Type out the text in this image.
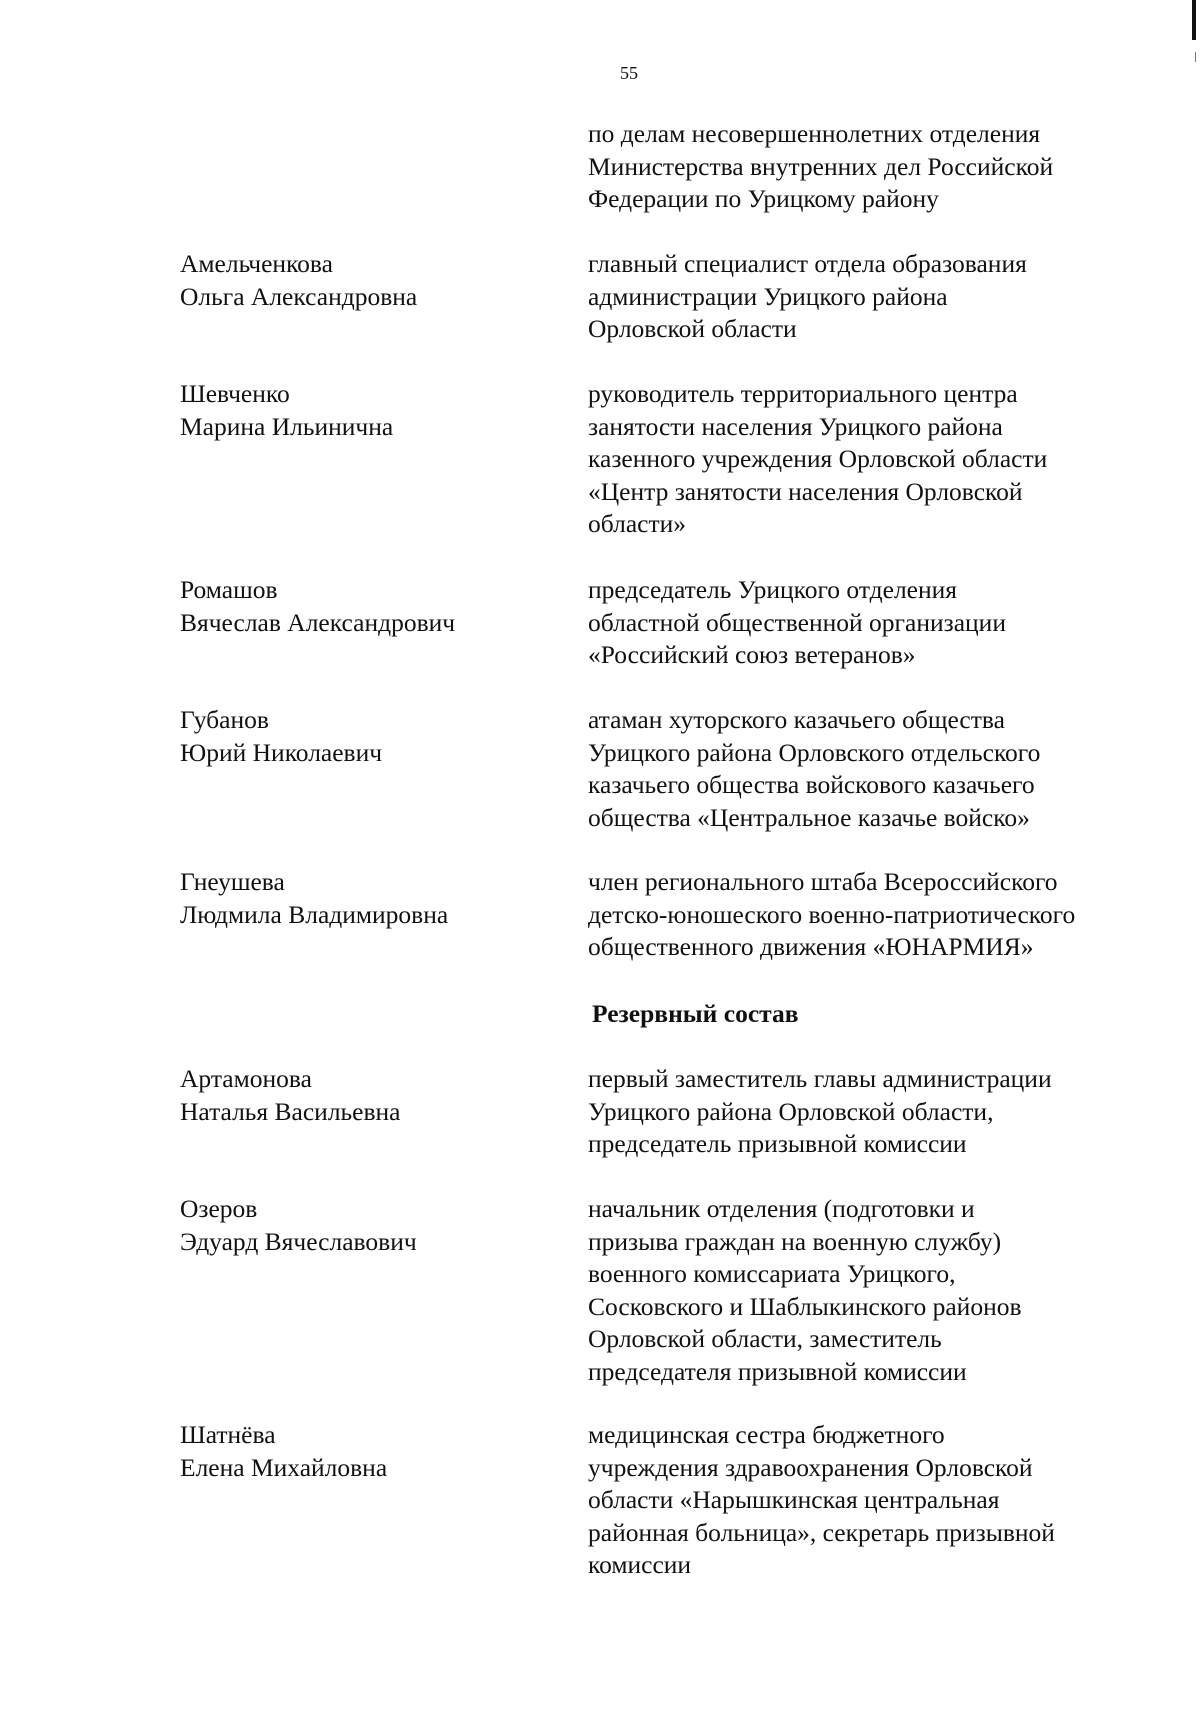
55
по делам несовершеннолетних отделения
Министерства внутренних дел Российской
Федерации по Урицкому району
Амельченкова
Ольга Александровна
главный специалист отдела образования
администрации Урицкого района
Орловской области
Шевченко
Марина Ильинична
руководитель территориального центра
занятости населения Урицкого района
казенного учреждения Орловской области
«Центр занятости населения Орловской
области»
Ромашов
Вячеслав Александрович
председатель Урицкого отделения
областной общественной организации
«Российский союз ветеранов»
Губанов
Юрий Николаевич
атаман хуторского казачьего общества
Урицкого района Орловского отдельского
казачьего общества войскового казачьего
общества «Центральное казачье войско»
Гнеушева
Людмила Владимировна
член регионального штаба Всероссийского
детско-юношеского военно-патриотического
общественного движения «ЮНАРМИЯ»
Резервный состав
Артамонова
Наталья Васильевна
первый заместитель главы администрации
Урицкого района Орловской области,
председатель призывной комиссии
Озеров
Эдуард Вячеславович
начальник отделения (подготовки и
призыва граждан на военную службу)
военного комиссариата Урицкого,
Сосковского и Шаблыкинского районов
Орловской области, заместитель
председателя призывной комиссии
Шатнёва
Елена Михайловна
медицинская сестра бюджетного
учреждения здравоохранения Орловской
области «Нарышкинская центральная
районная больница», секретарь призывной
комиссии
